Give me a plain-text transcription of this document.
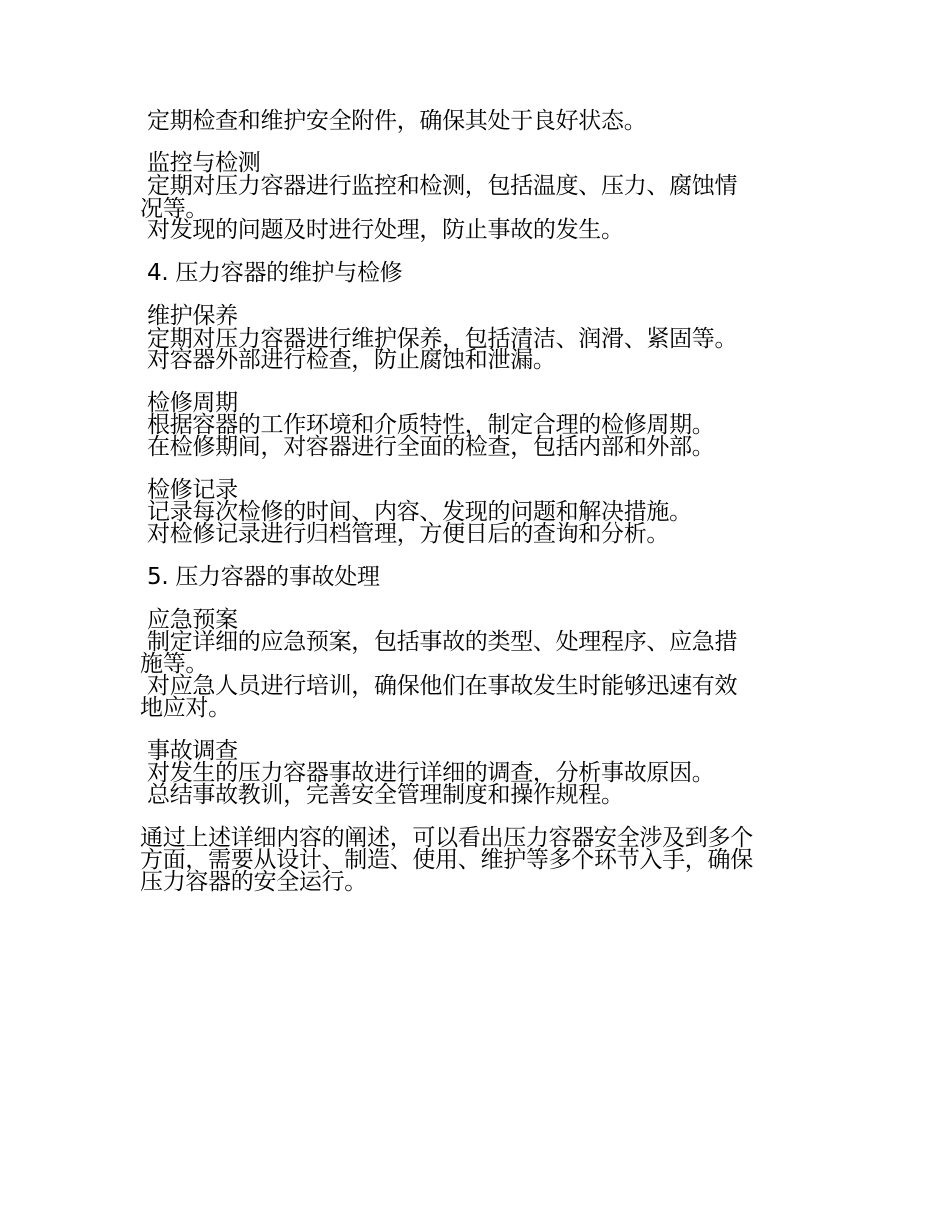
定期检查和维护安全附件，确保其处于良好状态。
监控与检测
定期对压力容器进行监控和检测，包括温度、压力、腐蚀情
况等。
对发现的问题及时进行处理，防止事故的发生。
4. 压力容器的维护与检修
维护保养
定期对压力容器进行维护保养，包括清洁、润滑、紧固等。
对容器外部进行检查，防止腐蚀和泄漏。
检修周期
根据容器的工作环境和介质特性，制定合理的检修周期。
在检修期间，对容器进行全面的检查，包括内部和外部。
检修记录
记录每次检修的时间、内容、发现的问题和解决措施。
对检修记录进行归档管理，方便日后的查询和分析。
5. 压力容器的事故处理
应急预案
制定详细的应急预案，包括事故的类型、处理程序、应急措
施等。
对应急人员进行培训，确保他们在事故发生时能够迅速有效
地应对。
事故调查
对发生的压力容器事故进行详细的调查，分析事故原因。
总结事故教训，完善安全管理制度和操作规程。
通过上述详细内容的阐述，可以看出压力容器安全涉及到多个
方面，需要从设计、制造、使用、维护等多个环节入手，确保
压力容器的安全运行。
